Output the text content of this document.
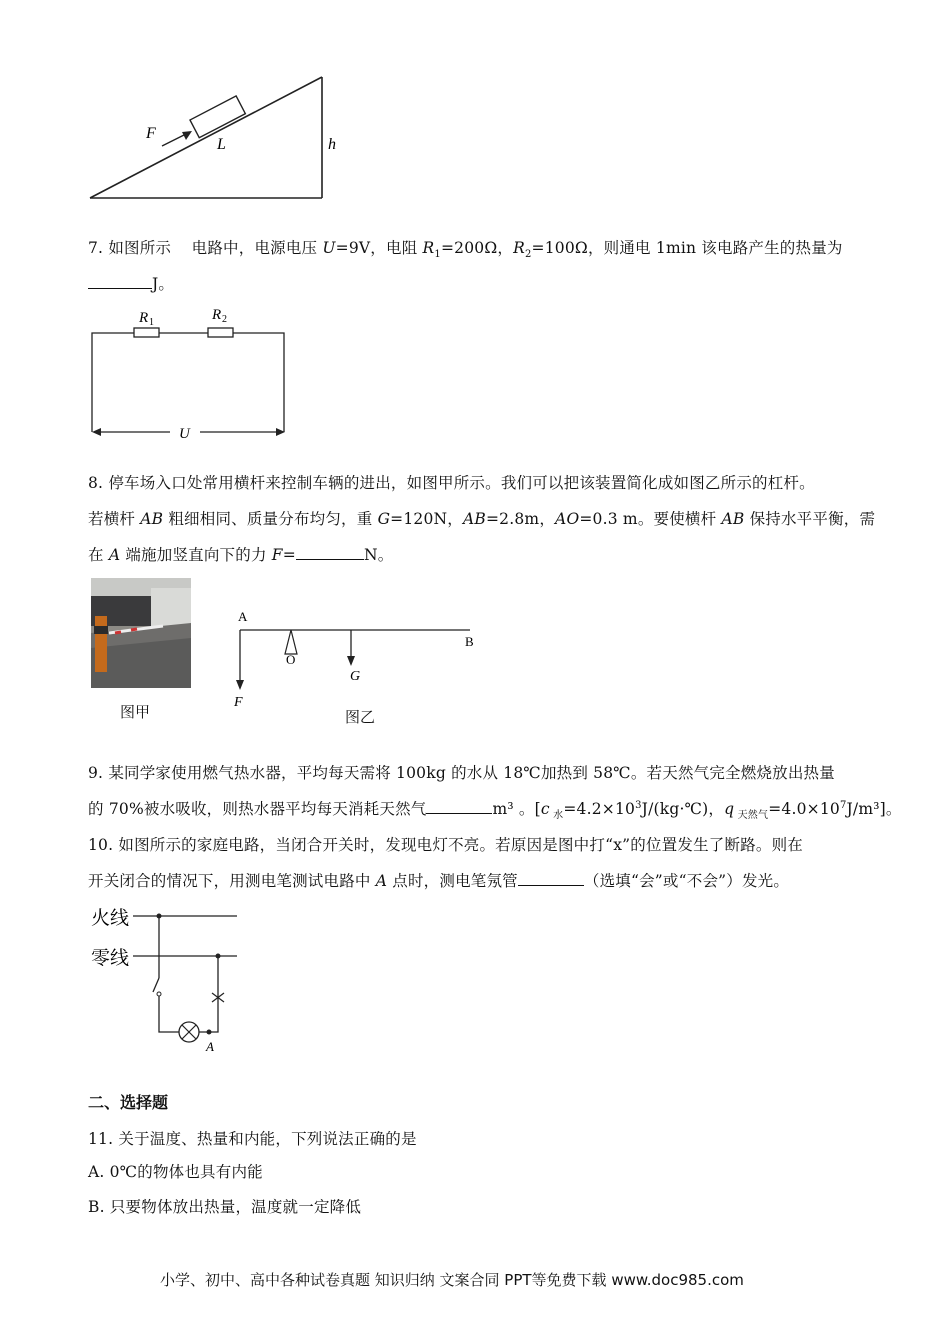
F
L	h
7. 如图所示 电路中，电源电压 U=9V，电阻 $R_1=200\Omega$，$R_2=100\Omega$，则通电 1min 该电路产生的热量为
J。
R 1	R 2
U
8. 停车场入口处常用横杆来控制车辆的进出，如图甲所示。我们可以把该装置简化成如图乙所示的杠杆。
若横杆 AB 粗细相同、质量分布均匀，重 G=120N，AB=2.8m，AO=0.3 m。要使横杆 AB 保持水平平衡，需
在 A 端施加竖直向下的力 F=	N。
图甲
A
B
O
G
F
图乙
9. 某同学家使用燃气热水器，平均每天需将 100kg 的水从 18℃加热到 58℃。若天然气完全燃烧放出热量
的 70%被水吸收，则热水器平均每天消耗天然气	m³ 。[c $_水=4.2\times 10^3J/(kg\cdot℃)$，q $_{天然气}=4.0\times 10^7J/m^3$]。
10. 如图所示的家庭电路，当闭合开关时，发现电灯不亮。若原因是图中打“x”的位置发生了断路。则在
开关闭合的情况下，用测电笔测试电路中 A 点时，测电笔氖管	（选填“会”或“不会”）发光。
火线
零线
A
二、选择题
11. 关于温度、热量和内能，下列说法正确的是
A. 0℃的物体也具有内能
B. 只要物体放出热量，温度就一定降低
小学、初中、高中各种试卷真题 知识归纳 文案合同 PPT等免费下载 www.doc985.com
